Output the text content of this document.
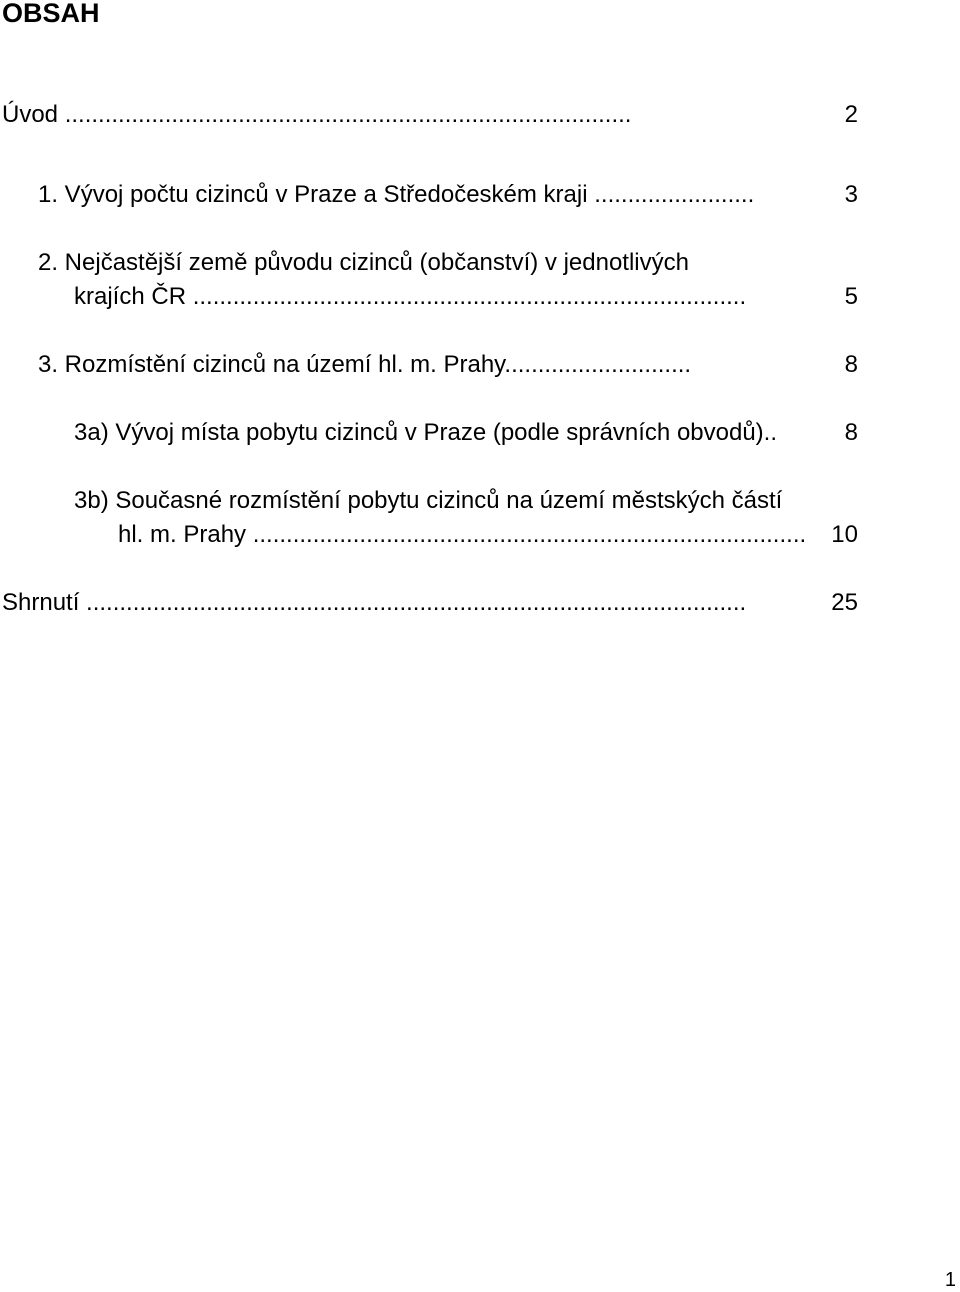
OBSAH
Úvod .....................................................................................	2
1. Vývoj počtu cizinců v Praze a Středočeském kraji ........................	3
2. Nejčastější země původu cizinců (občanství) v jednotlivých
krajích ČR ...................................................................................	5
3. Rozmístění cizinců na území hl. m. Prahy............................	8
3a) Vývoj místa pobytu cizinců v Praze (podle správních obvodů)..	8
3b) Současné rozmístění pobytu cizinců na území městských částí
hl. m. Prahy ...................................................................................	10
Shrnutí ...................................................................................................	25
1
